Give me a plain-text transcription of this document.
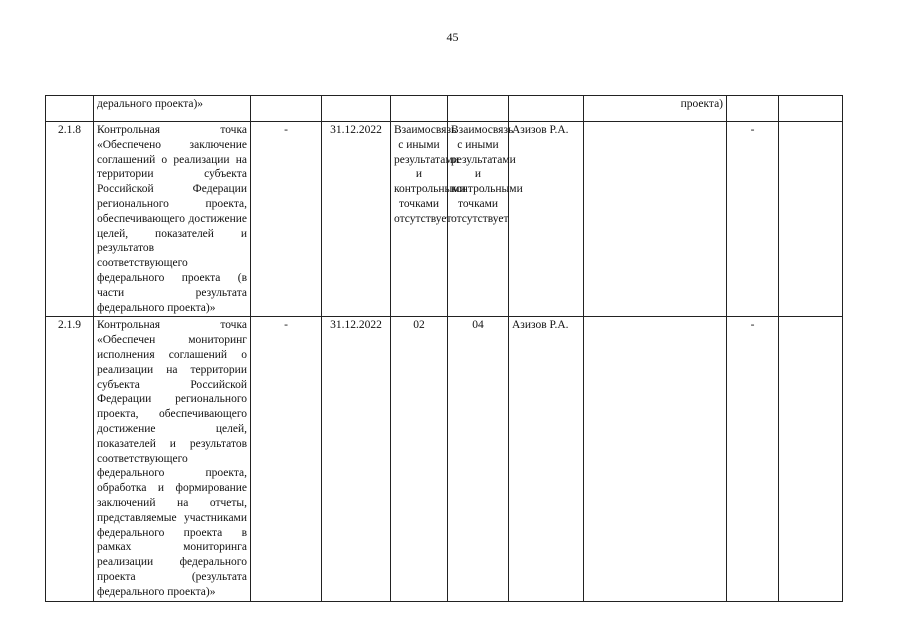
45
	дерального проекта)»						проекта)		
2.1.8	Контрольная точка «Обеспечено заключение соглашений о реализации на территории субъекта Российской Федерации регионального проекта, обеспечивающего достижение целей, показателей и результатов соответствующего федерального проекта (в части результата федерального проекта)»	-	31.12.2022	Взаимосвязь с иными результатами и контрольными точками отсутствует	Взаимосвязь с иными результатами и контрольными точками отсутствует	Азизов Р.А.		-	
2.1.9	Контрольная точка «Обеспечен мониторинг исполнения соглашений о реализации на территории субъекта Российской Федерации регионального проекта, обеспечивающего достижение целей, показателей и результатов соответствующего федерального проекта, обработка и формирование заключений на отчеты, представляемые участниками федерального проекта в рамках мониторинга реализации федерального проекта (результата федерального проекта)»	-	31.12.2022	02	04	Азизов Р.А.		-	
